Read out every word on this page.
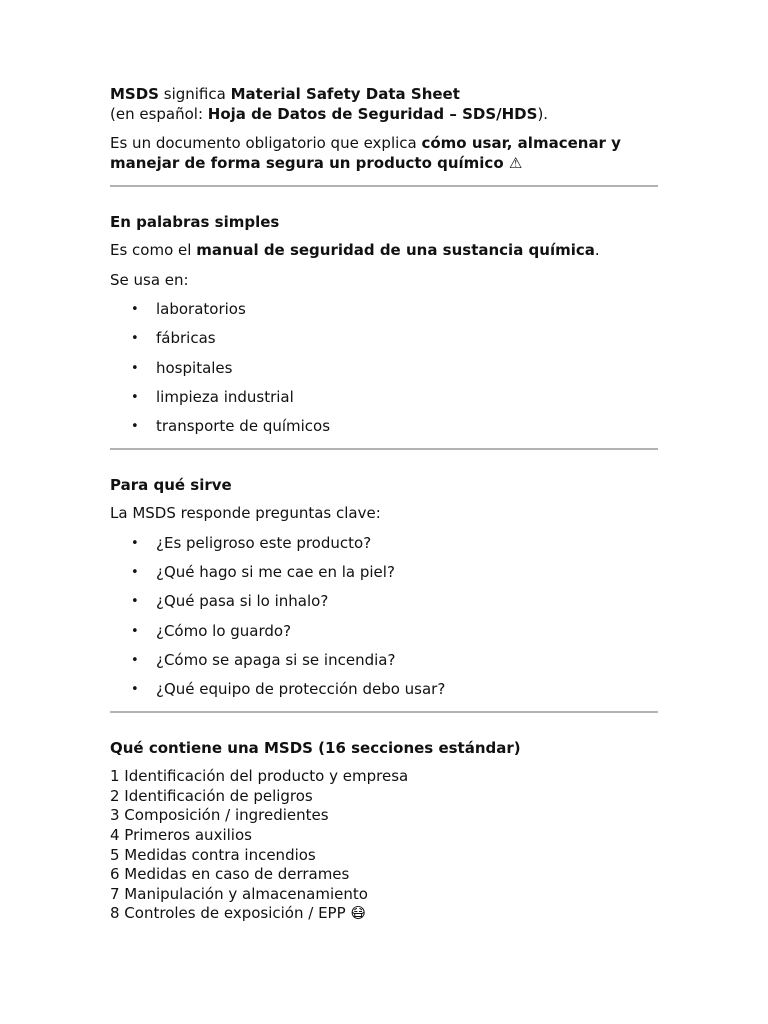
MSDS significa Material Safety Data Sheet

(en español: Hoja de Datos de Seguridad – SDS/HDS).

Es un documento obligatorio que explica cómo usar, almacenar y manejar de forma segura un producto químico ⚠

En palabras simples

Es como el manual de seguridad de una sustancia química.

Se usa en:

• laboratorios
• fábricas
• hospitales
• limpieza industrial
• transporte de químicos

Para qué sirve

La MSDS responde preguntas clave:

• ¿Es peligroso este producto?
• ¿Qué hago si me cae en la piel?
• ¿Qué pasa si lo inhalo?
• ¿Cómo lo guardo?
• ¿Cómo se apaga si se incendia?
• ¿Qué equipo de protección debo usar?

Qué contiene una MSDS (16 secciones estándar)

1 Identificación del producto y empresa

2 Identificación de peligros

3 Composición / ingredientes

4 Primeros auxilios

5 Medidas contra incendios

6 Medidas en caso de derrames

7 Manipulación y almacenamiento

8 Controles de exposición / EPP 😷
